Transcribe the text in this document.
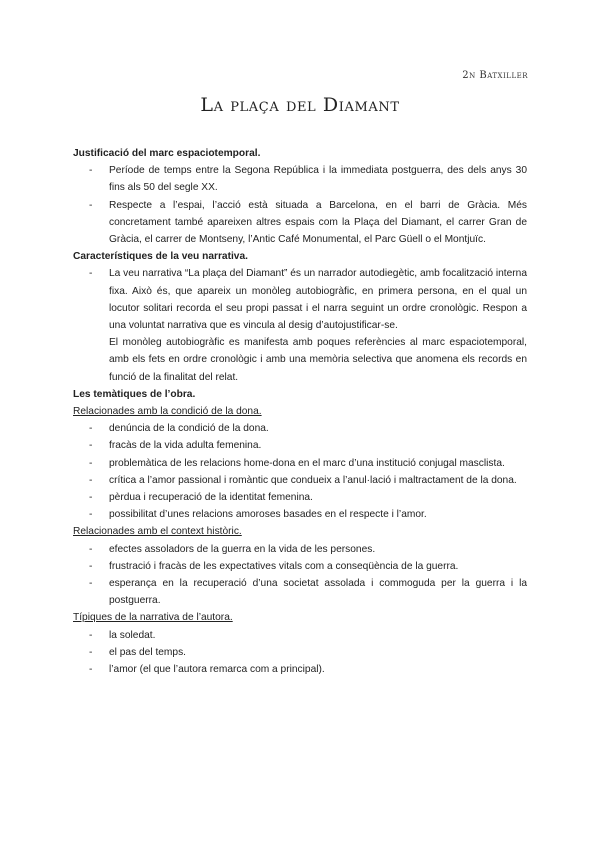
2n Batxiller
La plaça del Diamant

Justificació del marc espaciotemporal.

- Període de temps entre la Segona República i la immediata postguerra, des dels anys 30 fins als 50 del segle XX.
- Respecte a l’espai, l’acció està situada a Barcelona, en el barri de Gràcia. Més concretament també apareixen altres espais com la Plaça del Diamant, el carrer Gran de Gràcia, el carrer de Montseny, l’Antic Café Monumental, el Parc Güell o el Montjuïc.

Característiques de la veu narrativa.

- La veu narrativa “La plaça del Diamant” és un narrador autodiegètic, amb focalització interna fixa. Això és, que apareix un monòleg autobiogràfic, en primera persona, en el qual un locutor solitari recorda el seu propi passat i el narra seguint un ordre cronològic. Respon a una voluntat narrativa que es vincula al desig d’autojustificar-se.

El monòleg autobiogràfic es manifesta amb poques referències al marc espaciotemporal, amb els fets en ordre cronològic i amb una memòria selectiva que anomena els records en funció de la finalitat del relat.

Les temàtiques de l’obra.

Relacionades amb la condició de la dona.

- denúncia de la condició de la dona.
- fracàs de la vida adulta femenina.
- problemàtica de les relacions home-dona en el marc d’una institució conjugal masclista.
- crítica a l’amor passional i romàntic que condueix a l’anul·lació i maltractament de la dona.
- pèrdua i recuperació de la identitat femenina.
- possibilitat d’unes relacions amoroses basades en el respecte i l’amor.

Relacionades amb el context històric.

- efectes assoladors de la guerra en la vida de les persones.
- frustració i fracàs de les expectatives vitals com a conseqüència de la guerra.
- esperança en la recuperació d’una societat assolada i commoguda per la guerra i la postguerra.

Típiques de la narrativa de l’autora.

- la soledat.
- el pas del temps.
- l’amor (el que l’autora remarca com a principal).
